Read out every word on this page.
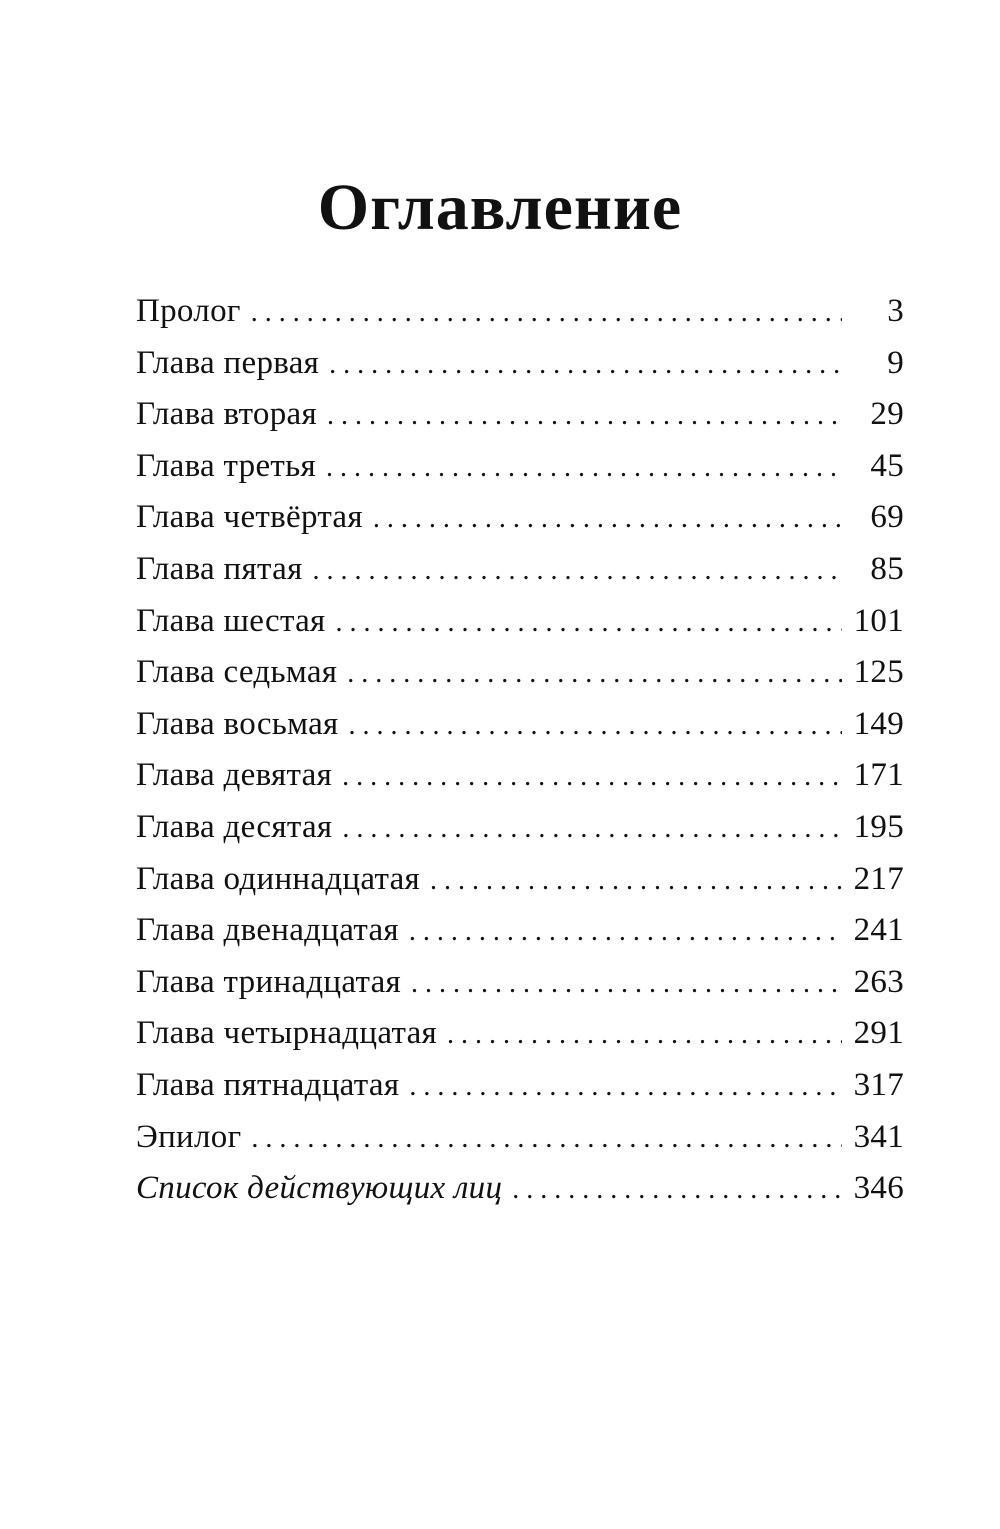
Оглавление
Пролог . . .	3
Глава первая . . .	9
Глава вторая . . .	29
Глава третья . . .	45
Глава четвёртая . . .	69
Глава пятая . . .	85
Глава шестая . . .	101
Глава седьмая . . .	125
Глава восьмая . . .	149
Глава девятая . . .	171
Глава десятая . . .	195
Глава одиннадцатая . . .	217
Глава двенадцатая . . .	241
Глава тринадцатая . . .	263
Глава четырнадцатая . . .	291
Глава пятнадцатая . . .	317
Эпилог . . .	341
Список действующих лиц . . .	346
